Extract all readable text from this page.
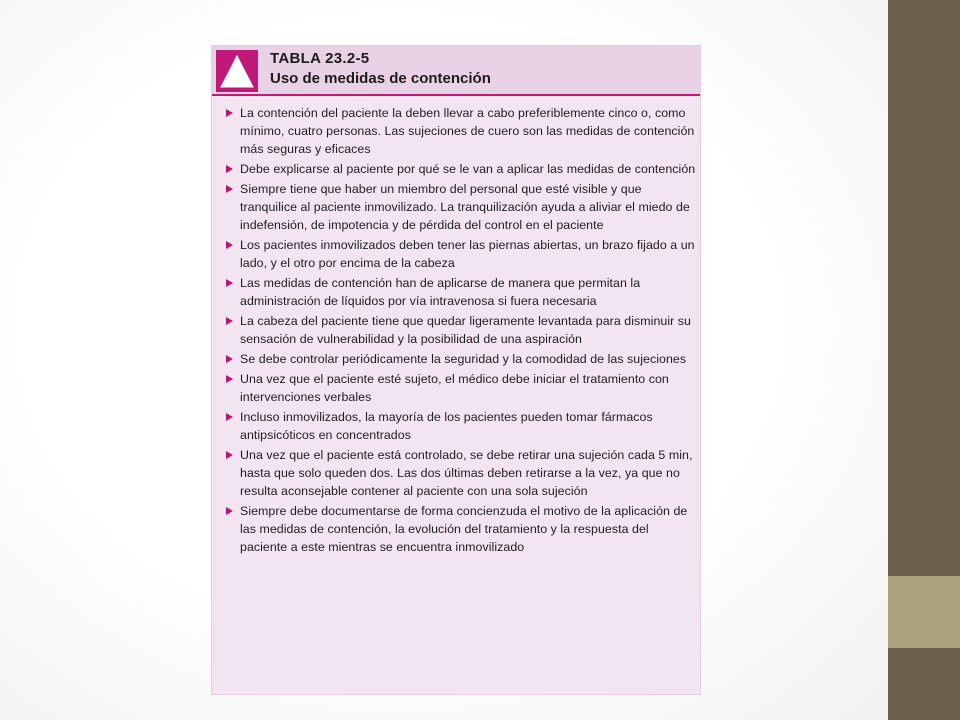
TABLA 23.2-5
Uso de medidas de contención
La contención del paciente la deben llevar a cabo preferiblemente cinco o, como mínimo, cuatro personas. Las sujeciones de cuero son las medidas de contención más seguras y eficaces
Debe explicarse al paciente por qué se le van a aplicar las medidas de contención
Siempre tiene que haber un miembro del personal que esté visible y que tranquilice al paciente inmovilizado. La tranquilización ayuda a aliviar el miedo de indefensión, de impotencia y de pérdida del control en el paciente
Los pacientes inmovilizados deben tener las piernas abiertas, un brazo fijado a un lado, y el otro por encima de la cabeza
Las medidas de contención han de aplicarse de manera que permitan la administración de líquidos por vía intravenosa si fuera necesaria
La cabeza del paciente tiene que quedar ligeramente levantada para disminuir su sensación de vulnerabilidad y la posibilidad de una aspiración
Se debe controlar periódicamente la seguridad y la comodidad de las sujeciones
Una vez que el paciente esté sujeto, el médico debe iniciar el tratamiento con intervenciones verbales
Incluso inmovilizados, la mayoría de los pacientes pueden tomar fármacos antipsicóticos en concentrados
Una vez que el paciente está controlado, se debe retirar una sujeción cada 5 min, hasta que solo queden dos. Las dos últimas deben retirarse a la vez, ya que no resulta aconsejable contener al paciente con una sola sujeción
Siempre debe documentarse de forma concienzuda el motivo de la aplicación de las medidas de contención, la evolución del tratamiento y la respuesta del paciente a este mientras se encuentra inmovilizado
